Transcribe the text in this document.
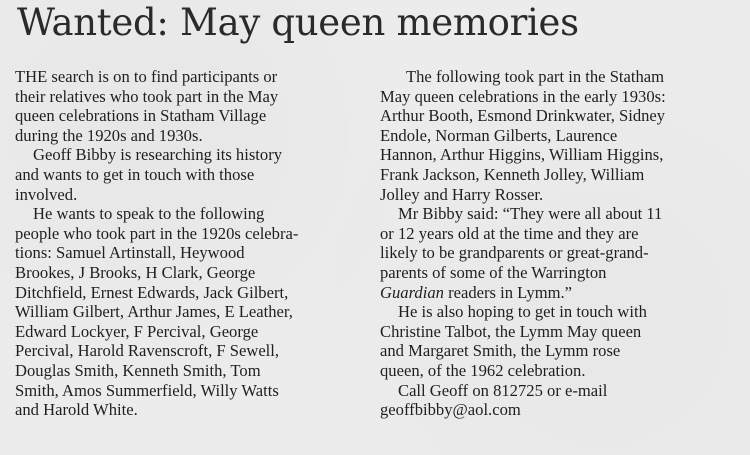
Wanted: May queen memories

THE search is on to find participants or
their relatives who took part in the May
queen celebrations in Statham Village
during the 1920s and 1930s.

Geoff Bibby is researching its history
and wants to get in touch with those
involved.

He wants to speak to the following
people who took part in the 1920s celebra-
tions: Samuel Artinstall, Heywood
Brookes, J Brooks, H Clark, George
Ditchfield, Ernest Edwards, Jack Gilbert,
William Gilbert, Arthur James, E Leather,
Edward Lockyer, F Percival, George
Percival, Harold Ravenscroft, F Sewell,
Douglas Smith, Kenneth Smith, Tom
Smith, Amos Summerfield, Willy Watts
and Harold White.

The following took part in the Statham
May queen celebrations in the early 1930s:
Arthur Booth, Esmond Drinkwater, Sidney
Endole, Norman Gilberts, Laurence
Hannon, Arthur Higgins, William Higgins,
Frank Jackson, Kenneth Jolley, William
Jolley and Harry Rosser.

Mr Bibby said: “They were all about 11
or 12 years old at the time and they are
likely to be grandparents or great-grand-
parents of some of the Warrington
Guardian readers in Lymm.”

He is also hoping to get in touch with
Christine Talbot, the Lymm May queen
and Margaret Smith, the Lymm rose
queen, of the 1962 celebration.

Call Geoff on 812725 or e-mail
geoffbibby@aol.com
